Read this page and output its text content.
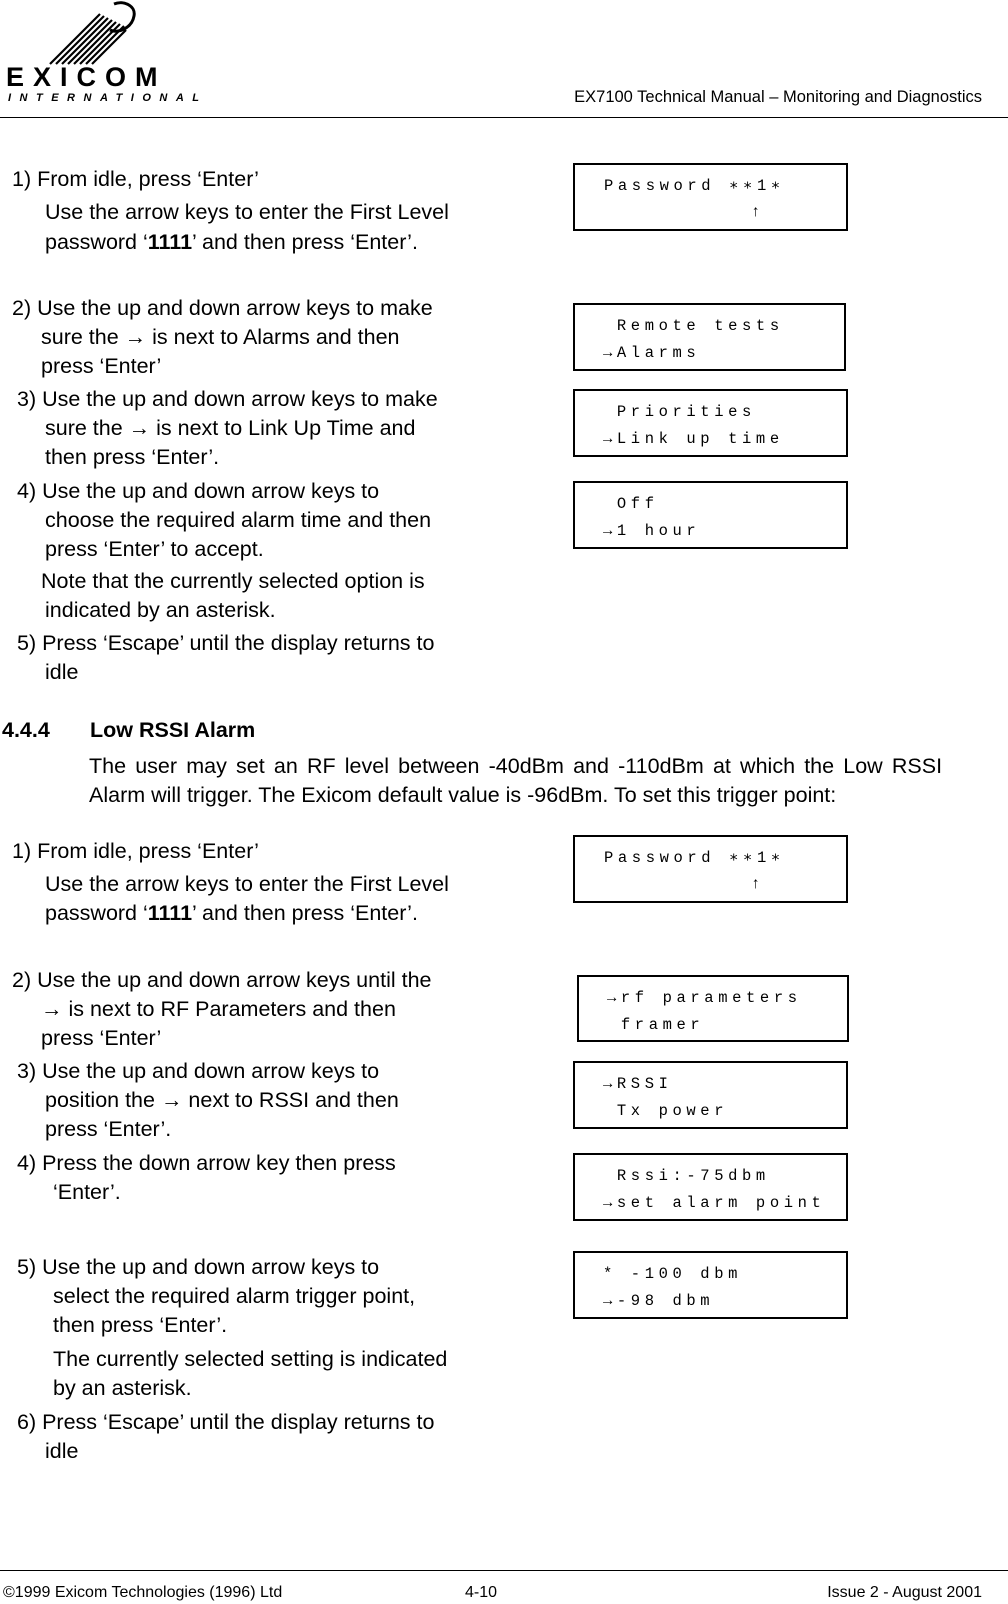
EXICOM
INTERNATIONAL	EX7100 Technical Manual – Monitoring and Diagnostics
1) From idle, press ‘Enter’
Use the arrow keys to enter the First Level
password ‘1111’ and then press ‘Enter’.
2) Use the up and down arrow keys to make
sure the → is next to Alarms and then
press ‘Enter’
3) Use the up and down arrow keys to make
sure the → is next to Link Up Time and
then press ‘Enter’.
4) Use the up and down arrow keys to
choose the required alarm time and then
press ‘Enter’ to accept.
Note that the currently selected option is
indicated by an asterisk.
5) Press ‘Escape’ until the display returns to
idle
Password ∗∗1∗
↑
Remote tests
→Alarms
Priorities
→Link up time
Off
→1 hour
4.4.4 Low RSSI Alarm
The user may set an RF level between -40dBm and -110dBm at which the Low RSSI
Alarm will trigger. The Exicom default value is -96dBm. To set this trigger point:
1) From idle, press ‘Enter’
Use the arrow keys to enter the First Level
password ‘1111’ and then press ‘Enter’.
2) Use the up and down arrow keys until the
→ is next to RF Parameters and then
press ‘Enter’
3) Use the up and down arrow keys to
position the → next to RSSI and then
press ‘Enter’.
4) Press the down arrow key then press
‘Enter’.
5) Use the up and down arrow keys to
select the required alarm trigger point,
then press ‘Enter’.
The currently selected setting is indicated
by an asterisk.
6) Press ‘Escape’ until the display returns to
idle
Password ∗∗1∗
↑
→rf parameters
framer
→RSSI
Tx power
Rssi:-75dbm
→set alarm point
* -100 dbm
→-98 dbm
©1999 Exicom Technologies (1996) Ltd	4-10	Issue 2 - August 2001
